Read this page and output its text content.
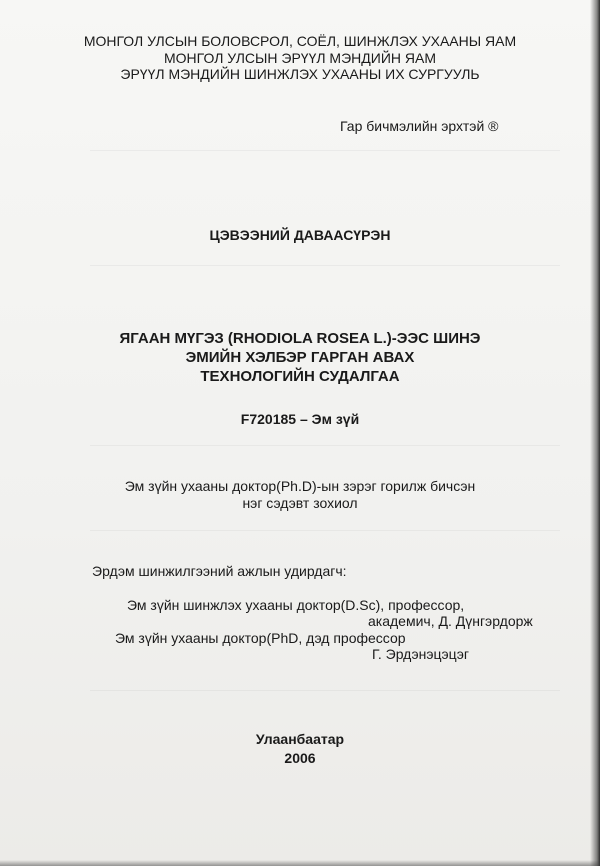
МОНГОЛ УЛСЫН БОЛОВСРОЛ, СОЁЛ, ШИНЖЛЭХ УХААНЫ ЯАМ
МОНГОЛ УЛСЫН ЭРҮҮЛ МЭНДИЙН ЯАМ
ЭРҮҮЛ МЭНДИЙН ШИНЖЛЭХ УХААНЫ ИХ СУРГУУЛЬ
Гар бичмэлийн эрхтэй ®
ЦЭВЭЭНИЙ ДАВААСҮРЭН
ЯГААН МҮГЭЗ (RHODIOLA ROSEA L.)-ЭЭС ШИНЭ
ЭМИЙН ХЭЛБЭР ГАРГАН АВАХ
ТЕХНОЛОГИЙН СУДАЛГАА
F720185 – Эм зүй
Эм зүйн ухааны доктор(Ph.D)-ын зэрэг горилж бичсэн
нэг сэдэвт зохиол
Эрдэм шинжилгээний ажлын удирдагч:
Эм зүйн шинжлэх ухааны доктор(D.Sc), профессор,
академич, Д. Дүнгэрдорж
Эм зүйн ухааны доктор(PhD, дэд профессор
Г. Эрдэнэцэцэг
Улаанбаатар
2006
